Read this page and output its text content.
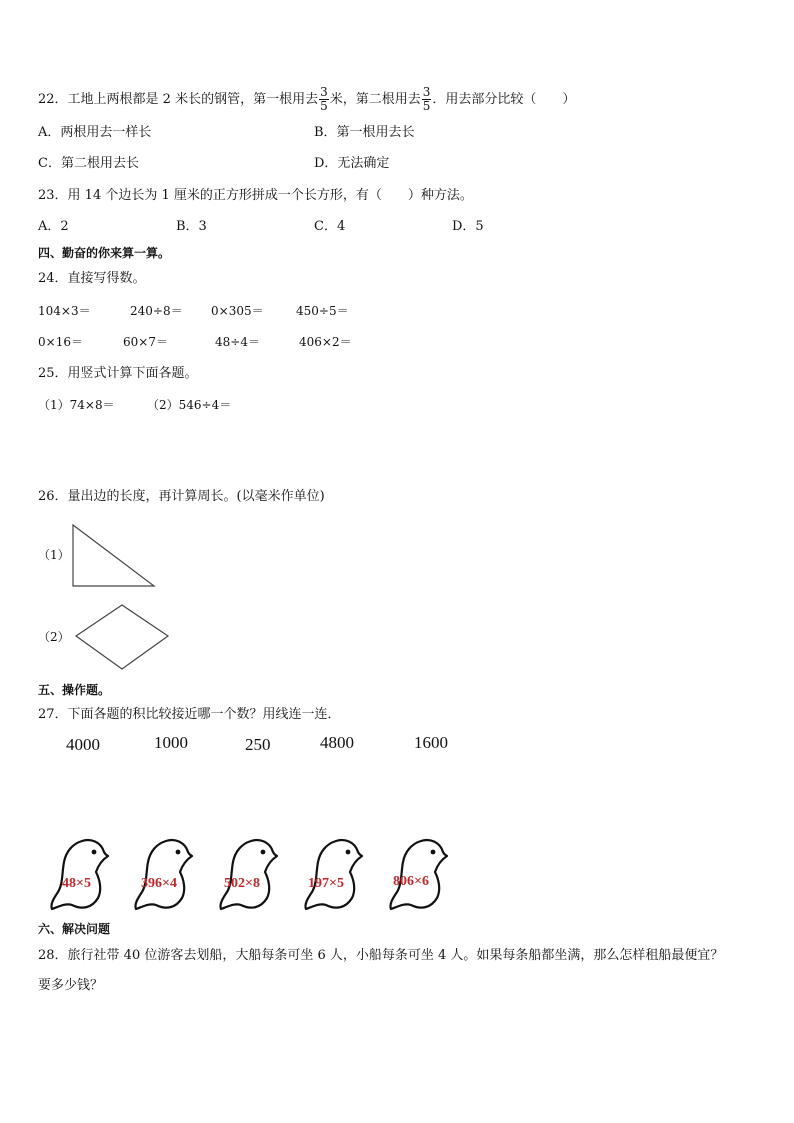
22．工地上两根都是 2 米长的钢管，第一根用去 $\frac{3}{5}$ 米，第二根用去 $\frac{3}{5}$ ．用去部分比较（　　）
A．两根用去一样长	B．第一根用去长
C．第二根用去长	D．无法确定
23．用 14 个边长为 1 厘米的正方形拼成一个长方形，有（　　）种方法。
A．2	B．3	C．4	D．5
四、勤奋的你来算一算。
24．直接写得数。
104×3＝	240÷8＝ 0×305＝	450÷5＝
0×16＝	60×7＝	48÷4＝	406×2＝
25．用竖式计算下面各题。
（1）74×8＝	（2）546÷4＝
26．量出边的长度，再计算周长。(以毫米作单位)
（1）
（2）
五、操作题。
27．下面各题的积比较接近哪一个数？用线连一连．
4000	1000	250	4800	1600
48×5	396×4	502×8	197×5	806×6
六、解决问题
28．旅行社带 40 位游客去划船，大船每条可坐 6 人，小船每条可坐 4 人。如果每条船都坐满，那么怎样租船最便宜？
要多少钱？
